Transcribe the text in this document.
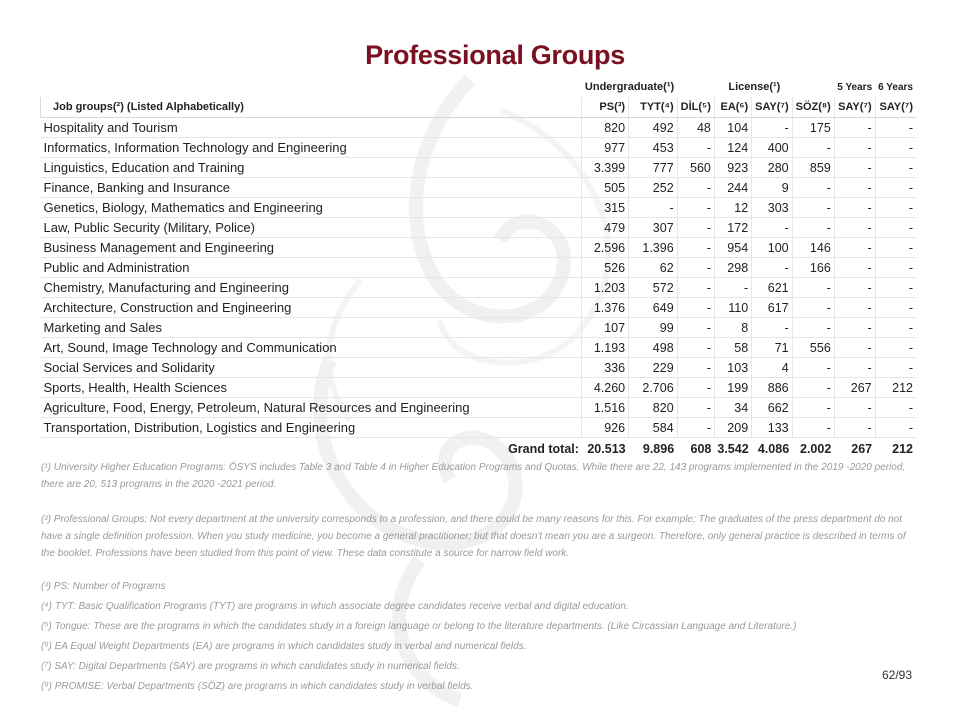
Professional Groups
	Undergraduate(¹)			License(¹)			5 Years	6 Years
Job groups(²) (Listed Alphabetically)	PS(³)	TYT(⁴)	DİL(⁵)	EA(⁶)	SAY(⁷)	SÖZ(⁸)	SAY(⁷)	SAY(⁷)
Hospitality and Tourism	820	492	48	104	-	175	-	-
Informatics, Information Technology and Engineering	977	453	-	124	400	-	-	-
Linguistics, Education and Training	3.399	777	560	923	280	859	-	-
Finance, Banking and Insurance	505	252	-	244	9	-	-	-
Genetics, Biology, Mathematics and Engineering	315	-	-	12	303	-	-	-
Law, Public Security (Military, Police)	479	307	-	172	-	-	-	-
Business Management and Engineering	2.596	1.396	-	954	100	146	-	-
Public and Administration	526	62	-	298	-	166	-	-
Chemistry, Manufacturing and Engineering	1.203	572	-	-	621	-	-	-
Architecture, Construction and Engineering	1.376	649	-	110	617	-	-	-
Marketing and Sales	107	99	-	8	-	-	-	-
Art, Sound, Image Technology and Communication	1.193	498	-	58	71	556	-	-
Social Services and Solidarity	336	229	-	103	4	-	-	-
Sports, Health, Health Sciences	4.260	2.706	-	199	886	-	267	212
Agriculture, Food, Energy, Petroleum, Natural Resources and Engineering	1.516	820	-	34	662	-	-	-
Transportation, Distribution, Logistics and Engineering	926	584	-	209	133	-	-	-
Grand total:	20.513	9.896	608	3.542	4.086	2.002	267	212

(¹) University Higher Education Programs: ÖSYS includes Table 3 and Table 4 in Higher Education Programs and Quotas. While there are 22, 143 programs implemented in the 2019 -2020 period, there are 20, 513 programs in the 2020 -2021 period.

(²) Professional Groups: Not every department at the university corresponds to a profession, and there could be many reasons for this. For example; The graduates of the press department do not have a single definition profession. When you study medicine, you become a general practitioner; but that doesn't mean you are a surgeon. Therefore, only general practice is described in terms of the booklet. Professions have been studied from this point of view. These data constitute a source for narrow field work.

(³) PS: Number of Programs

(⁴) TYT: Basic Qualification Programs (TYT) are programs in which associate degree candidates receive verbal and digital education.

(⁵) Tongue: These are the programs in which the candidates study in a foreign language or belong to the literature departments. (Like Circassian Language and Literature.)

(⁶) EA Equal Weight Departments (EA) are programs in which candidates study in verbal and numerical fields.

(⁷) SAY: Digital Departments (SAY) are programs in which candidates study in numerical fields.

(⁸) PROMISE: Verbal Departments (SÖZ) are programs in which candidates study in verbal fields.

62/93
